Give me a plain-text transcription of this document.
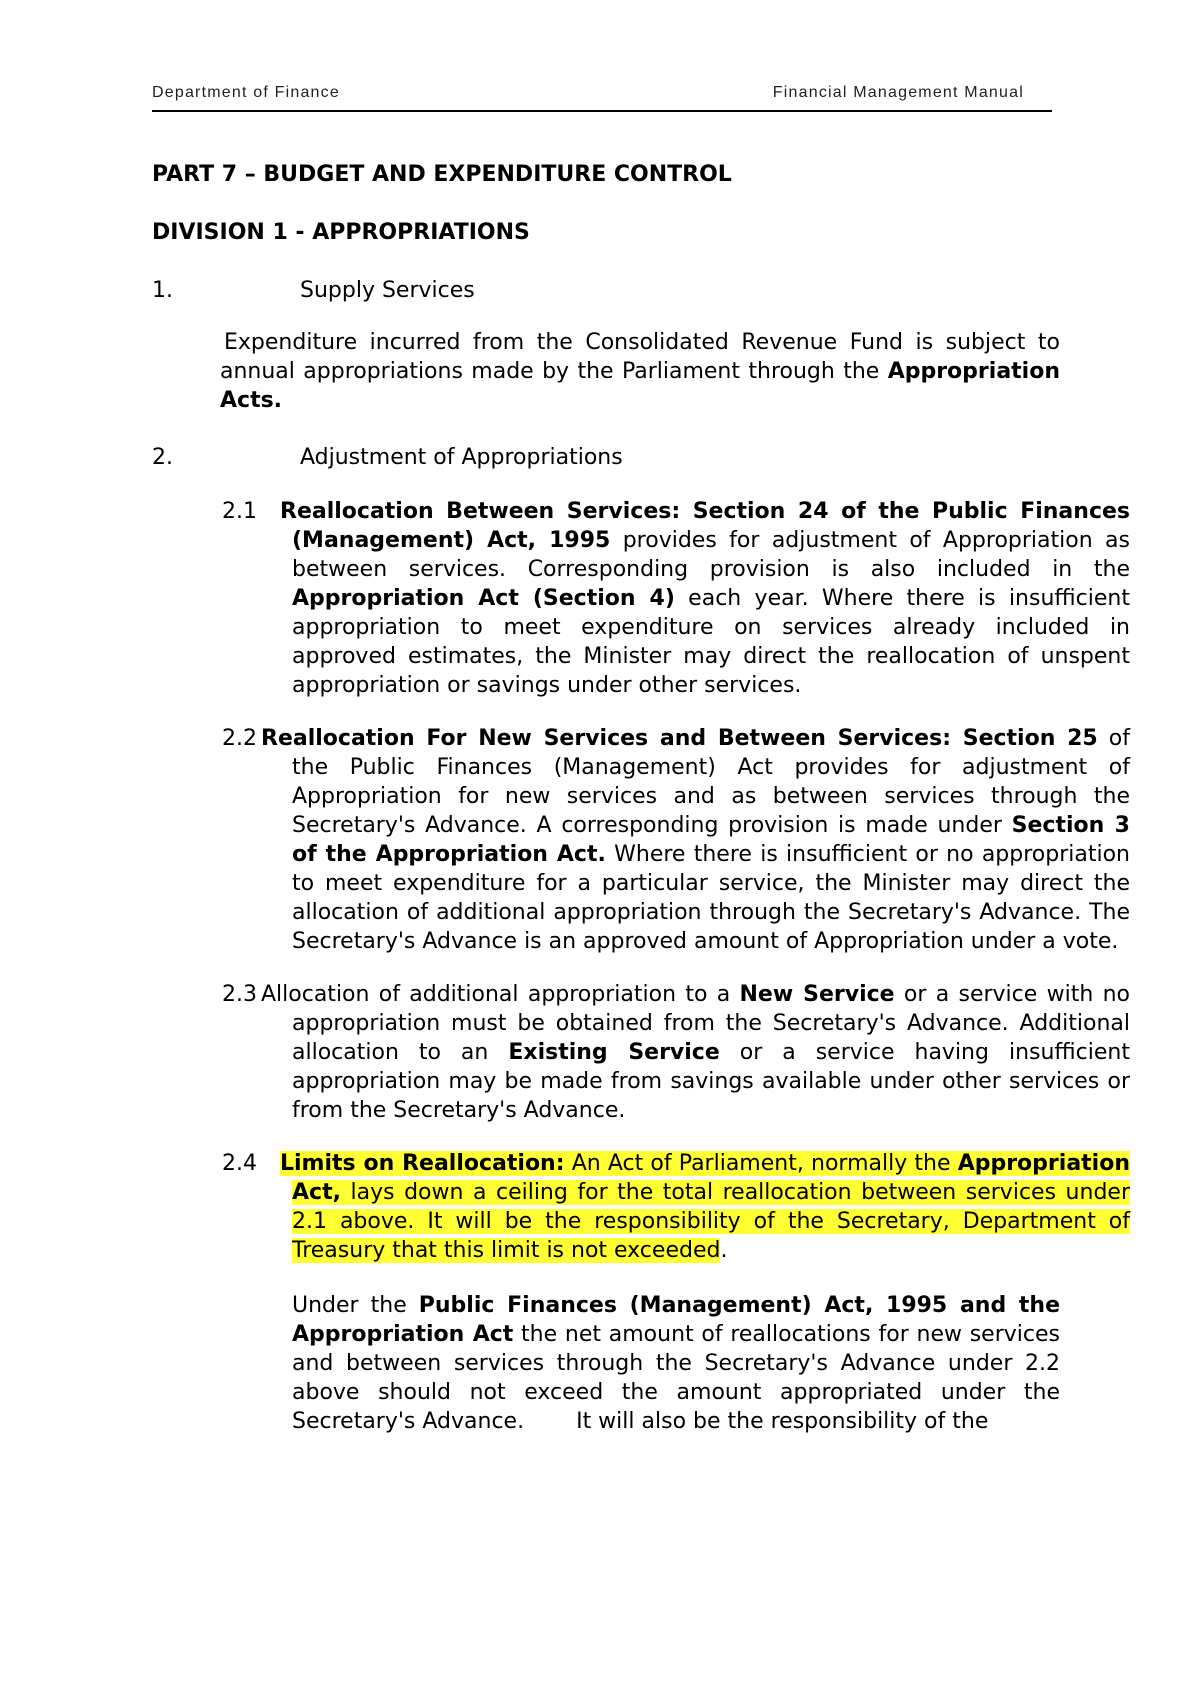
Department of Finance	Financial Management Manual
PART 7 – BUDGET AND EXPENDITURE CONTROL
DIVISION 1 - APPROPRIATIONS
1.	Supply Services
Expenditure incurred from the Consolidated Revenue Fund is subject to annual appropriations made by the Parliament through the Appropriation Acts.
2.	Adjustment of Appropriations
2.1 Reallocation Between Services: Section 24 of the Public Finances (Management) Act, 1995 provides for adjustment of Appropriation as between services. Corresponding provision is also included in the Appropriation Act (Section 4) each year. Where there is insufficient appropriation to meet expenditure on services already included in approved estimates, the Minister may direct the reallocation of unspent appropriation or savings under other services.
2.2 Reallocation For New Services and Between Services: Section 25 of the Public Finances (Management) Act provides for adjustment of Appropriation for new services and as between services through the Secretary's Advance. A corresponding provision is made under Section 3 of the Appropriation Act. Where there is insufficient or no appropriation to meet expenditure for a particular service, the Minister may direct the allocation of additional appropriation through the Secretary's Advance. The Secretary's Advance is an approved amount of Appropriation under a vote.
2.3 Allocation of additional appropriation to a New Service or a service with no appropriation must be obtained from the Secretary's Advance. Additional allocation to an Existing Service or a service having insufficient appropriation may be made from savings available under other services or from the Secretary's Advance.
2.4 Limits on Reallocation: An Act of Parliament, normally the Appropriation Act, lays down a ceiling for the total reallocation between services under 2.1 above. It will be the responsibility of the Secretary, Department of Treasury that this limit is not exceeded.
Under the Public Finances (Management) Act, 1995 and the Appropriation Act the net amount of reallocations for new services and between services through the Secretary's Advance under 2.2 above should not exceed the amount appropriated under the Secretary's Advance. It will also be the responsibility of the
